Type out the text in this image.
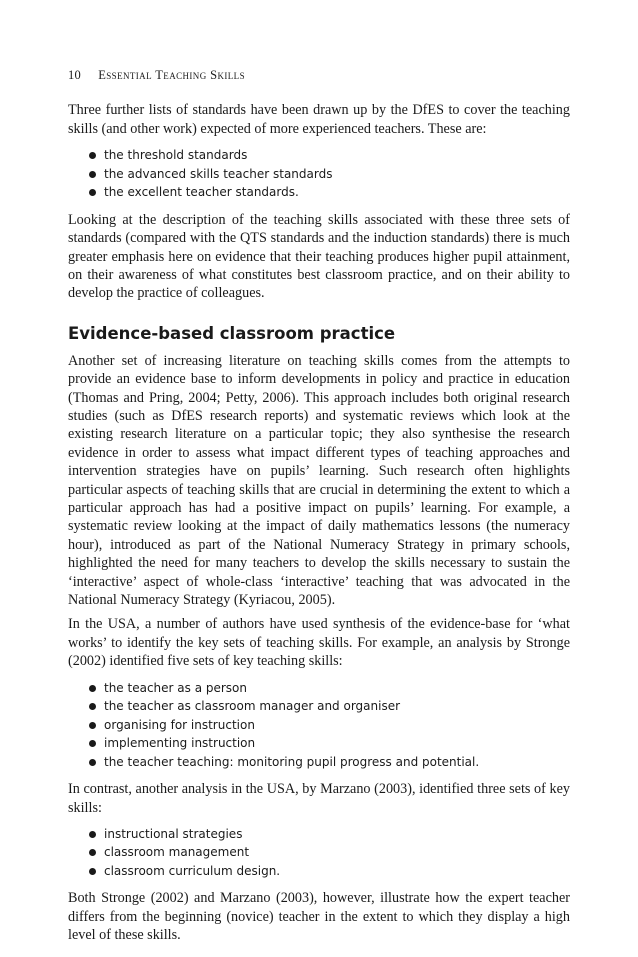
10 Essential Teaching Skills

Three further lists of standards have been drawn up by the DfES to cover the teaching skills (and other work) expected of more experienced teachers. These are:

the threshold standards
the advanced skills teacher standards
the excellent teacher standards.

Looking at the description of the teaching skills associated with these three sets of standards (compared with the QTS standards and the induction standards) there is much greater emphasis here on evidence that their teaching produces higher pupil attainment, on their awareness of what constitutes best classroom practice, and on their ability to develop the practice of colleagues.

Evidence-based classroom practice

Another set of increasing literature on teaching skills comes from the attempts to provide an evidence base to inform developments in policy and practice in education (Thomas and Pring, 2004; Petty, 2006). This approach includes both original research studies (such as DfES research reports) and systematic reviews which look at the existing research literature on a particular topic; they also synthesise the research evidence in order to assess what impact different types of teaching approaches and intervention strategies have on pupils’ learning. Such research often highlights particular aspects of teaching skills that are crucial in determining the extent to which a particular approach has had a positive impact on pupils’ learning. For example, a systematic review looking at the impact of daily mathematics lessons (the numeracy hour), introduced as part of the National Numeracy Strategy in primary schools, highlighted the need for many teachers to develop the skills necessary to sustain the ‘interactive’ aspect of whole-class ‘interactive’ teaching that was advocated in the National Numeracy Strategy (Kyriacou, 2005).

In the USA, a number of authors have used synthesis of the evidence-base for ‘what works’ to identify the key sets of teaching skills. For example, an analysis by Stronge (2002) identified five sets of key teaching skills:

the teacher as a person
the teacher as classroom manager and organiser
organising for instruction
implementing instruction
the teacher teaching: monitoring pupil progress and potential.

In contrast, another analysis in the USA, by Marzano (2003), identified three sets of key skills:

instructional strategies
classroom management
classroom curriculum design.

Both Stronge (2002) and Marzano (2003), however, illustrate how the expert teacher differs from the beginning (novice) teacher in the extent to which they display a high level of these skills.
